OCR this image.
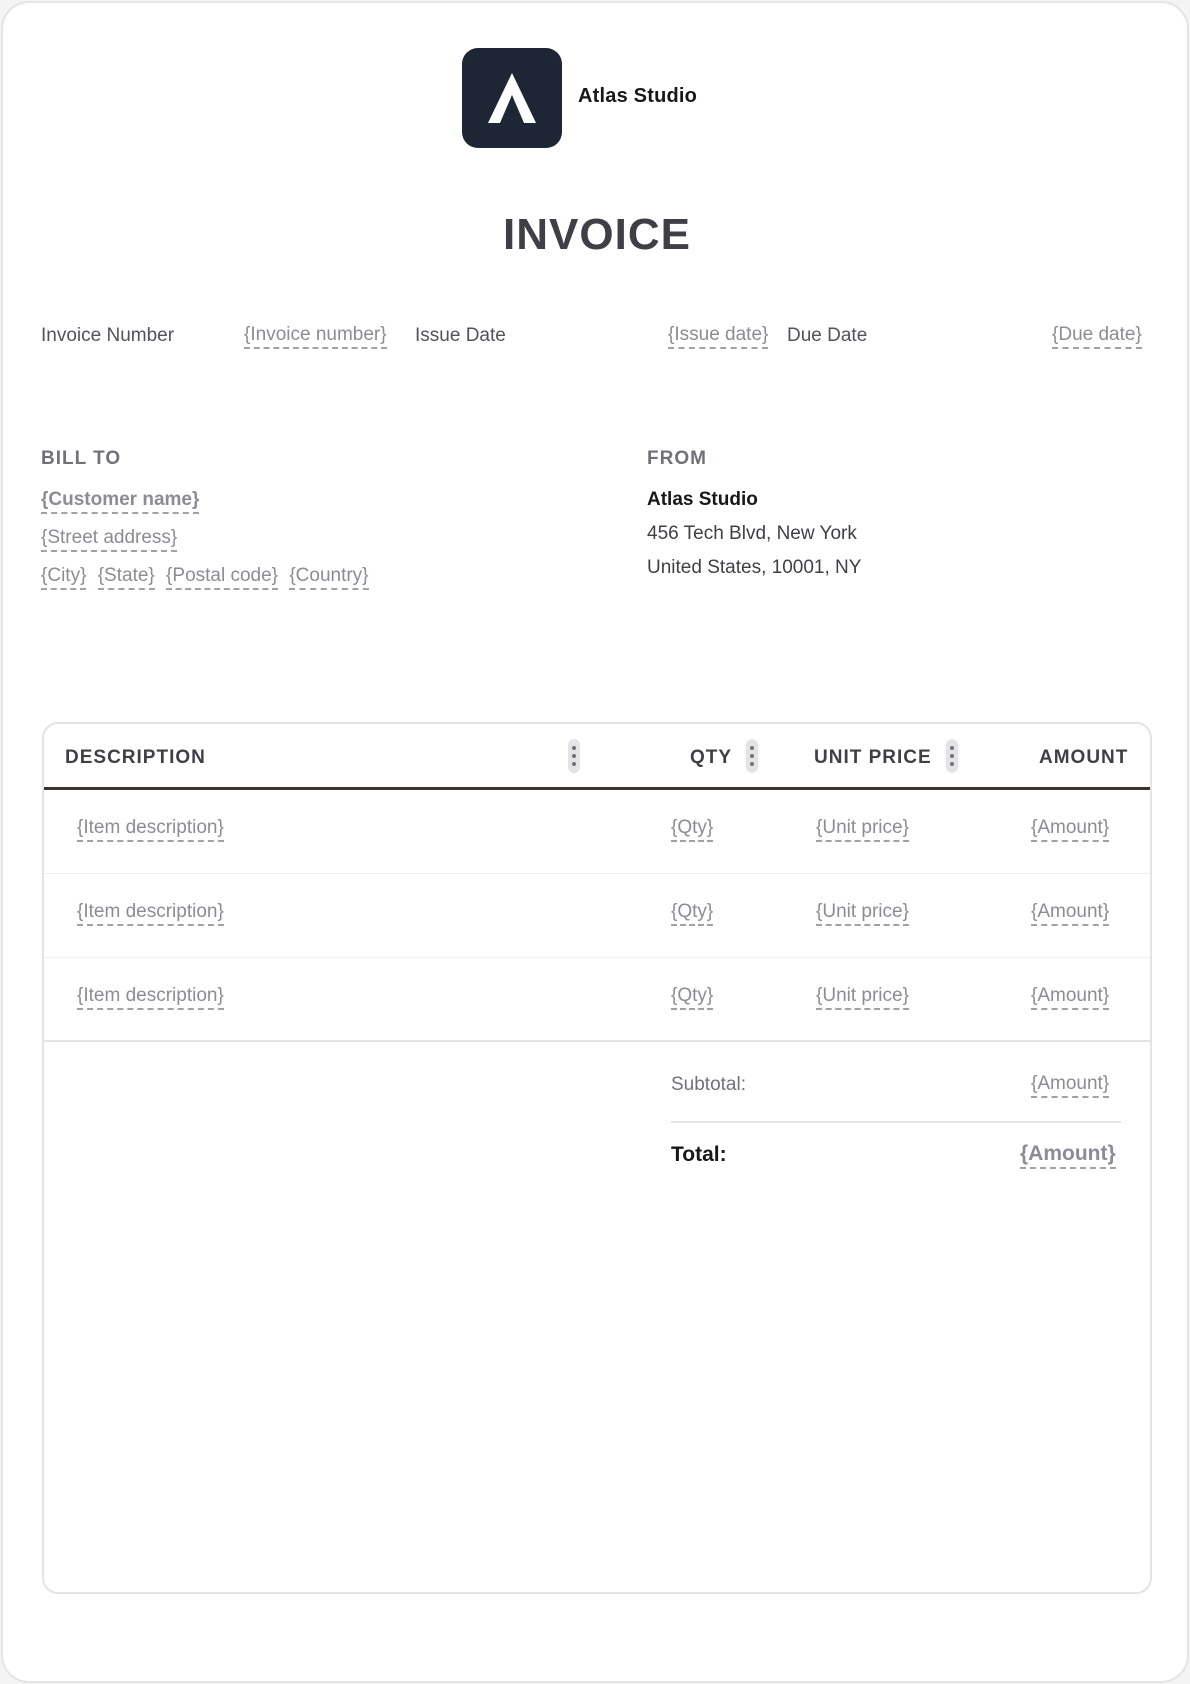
Atlas Studio
INVOICE
Invoice Number	{Invoice number} Issue Date	{Issue date} Due Date	{Due date}
BILL TO
{Customer name}
{Street address}
{City} {State} {Postal code} {Country}
FROM
Atlas Studio
456 Tech Blvd, New York
United States, 10001, NY
DESCRIPTION	QTY	UNIT PRICE	AMOUNT
{Item description}	{Qty}	{Unit price}	{Amount}
{Item description}	{Qty}	{Unit price}	{Amount}
{Item description}	{Qty}	{Unit price}	{Amount}
Subtotal:	{Amount}
Total:	{Amount}
